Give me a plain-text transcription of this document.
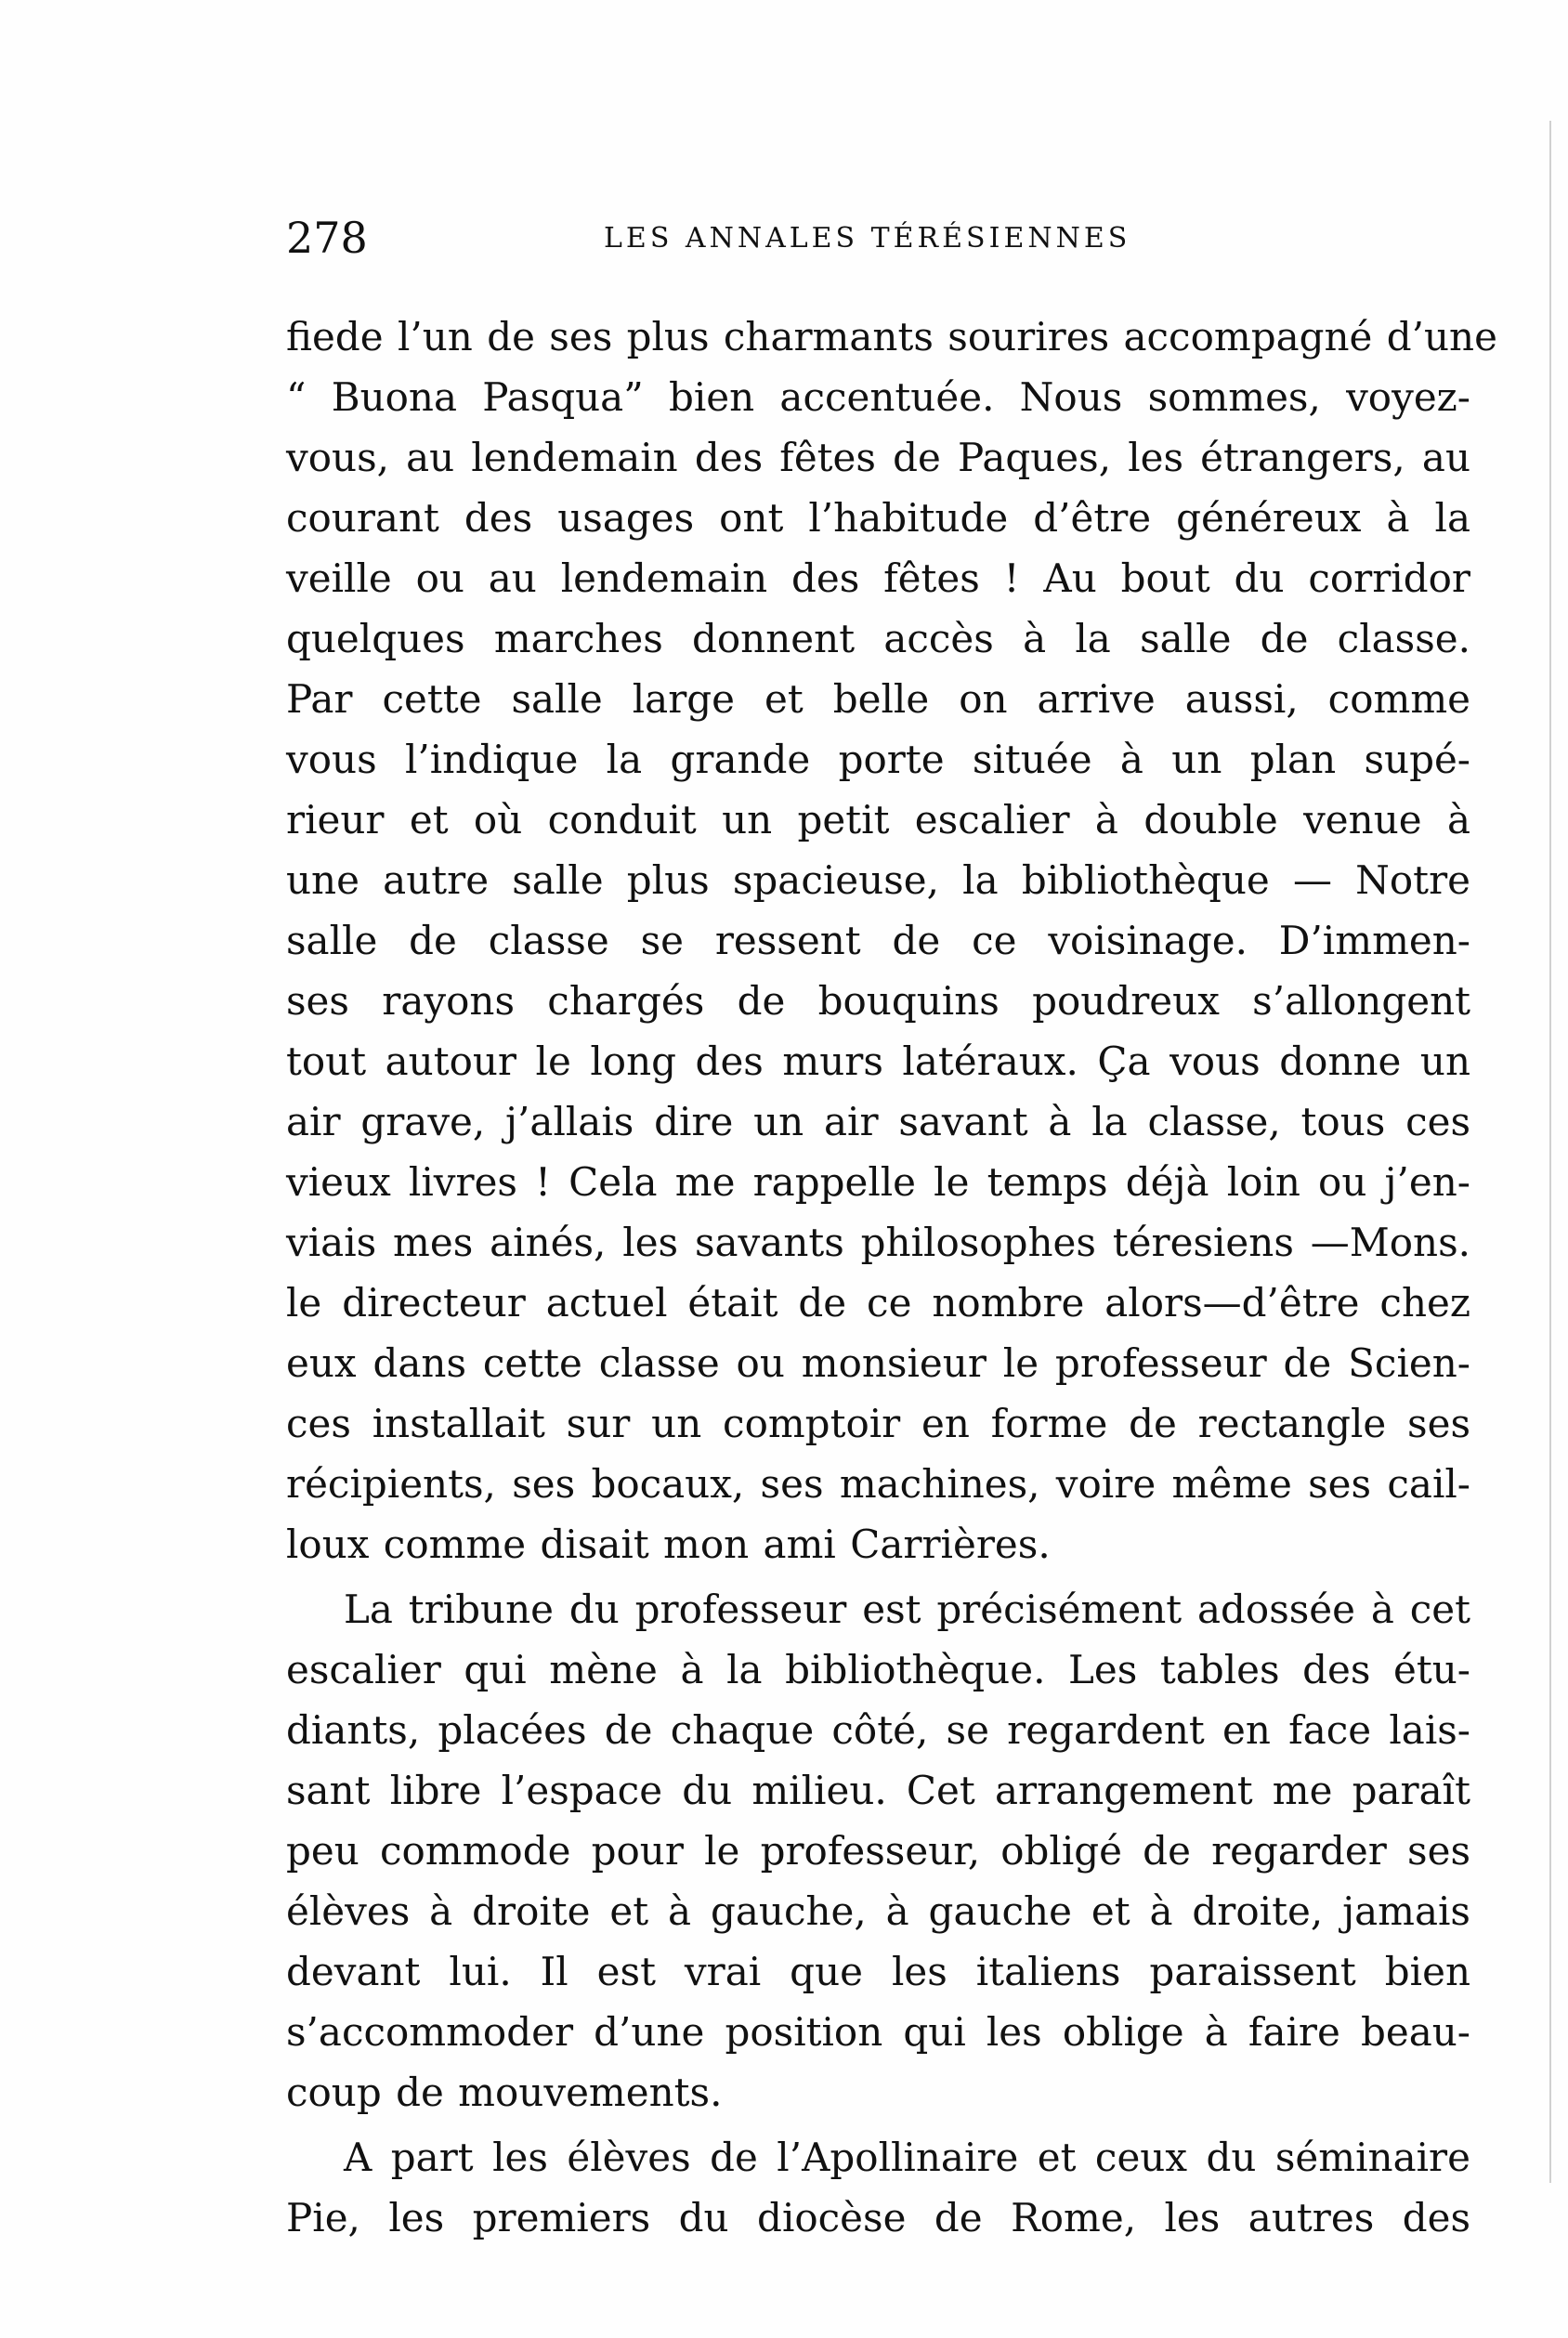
278	LES ANNALES TÉRÉSIENNES
fiede l’un de ses plus charmants sourires accompagné d’une
“ Buona Pasqua” bien accentuée. Nous sommes, voyez-
vous, au lendemain des fêtes de Paques, les étrangers, au
courant des usages ont l’habitude d’être généreux à la
veille ou au lendemain des fêtes ! Au bout du corridor
quelques marches donnent accès à la salle de classe.
Par cette salle large et belle on arrive aussi, comme
vous l’indique la grande porte située à un plan supé-
rieur et où conduit un petit escalier à double venue à
une autre salle plus spacieuse, la bibliothèque — Notre
salle de classe se ressent de ce voisinage. D’immen-
ses rayons chargés de bouquins poudreux s’allongent
tout autour le long des murs latéraux. Ça vous donne un
air grave, j’allais dire un air savant à la classe, tous ces
vieux livres ! Cela me rappelle le temps déjà loin ou j’en-
viais mes ainés, les savants philosophes téresiens —Mons.
le directeur actuel était de ce nombre alors—d’être chez
eux dans cette classe ou monsieur le professeur de Scien-
ces installait sur un comptoir en forme de rectangle ses
récipients, ses bocaux, ses machines, voire même ses cail-
loux comme disait mon ami Carrières.
La tribune du professeur est précisément adossée à cet
escalier qui mène à la bibliothèque. Les tables des étu-
diants, placées de chaque côté, se regardent en face lais-
sant libre l’espace du milieu. Cet arrangement me paraît
peu commode pour le professeur, obligé de regarder ses
élèves à droite et à gauche, à gauche et à droite, jamais
devant lui. Il est vrai que les italiens paraissent bien
s’accommoder d’une position qui les oblige à faire beau-
coup de mouvements.
A part les élèves de l’Apollinaire et ceux du séminaire
Pie, les premiers du diocèse de Rome, les autres des
